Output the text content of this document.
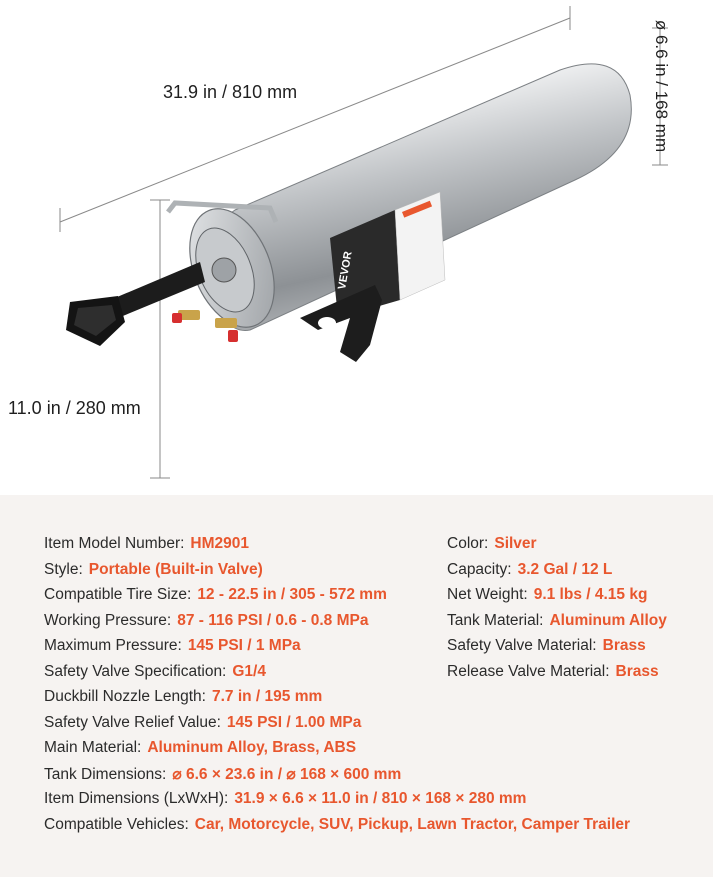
VEVOR
31.9 in / 810 mm	ø 6.6 in / 168 mm
11.0 in / 280 mm
Item Model Number: HM2901
Style: Portable (Built-in Valve)
Compatible Tire Size: 12 - 22.5 in / 305 - 572 mm
Working Pressure: 87 - 116 PSI / 0.6 - 0.8 MPa
Maximum Pressure: 145 PSI / 1 MPa
Safety Valve Specification: G1/4
Duckbill Nozzle Length: 7.7 in / 195 mm
Safety Valve Relief Value: 145 PSI / 1.00 MPa
Main Material: Aluminum Alloy, Brass, ABS
Tank Dimensions: ⌀ 6.6 × 23.6 in / ⌀ 168 × 600 mm
Item Dimensions (LxWxH): 31.9 × 6.6 × 11.0 in / 810 × 168 × 280 mm
Compatible Vehicles: Car, Motorcycle, SUV, Pickup, Lawn Tractor, Camper Trailer
Color: Silver
Capacity: 3.2 Gal / 12 L
Net Weight: 9.1 lbs / 4.15 kg
Tank Material: Aluminum Alloy
Safety Valve Material: Brass
Release Valve Material: Brass
